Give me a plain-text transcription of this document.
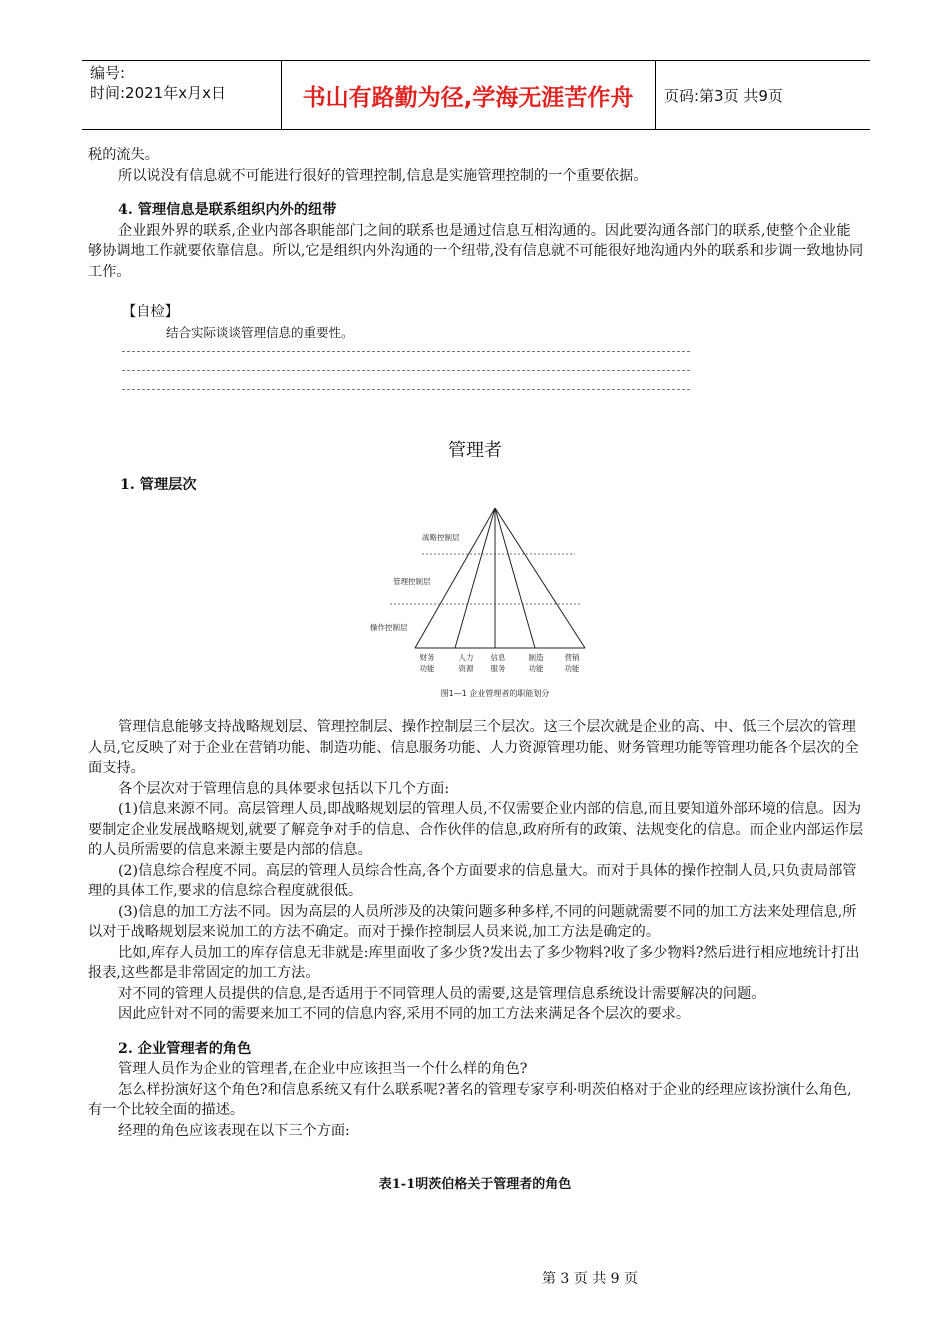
编号:
时间:2021年x月x日	书山有路勤为径,学海无涯苦作舟	页码:第3页 共9页

税的流失。

所以说没有信息就不可能进行很好的管理控制,信息是实施管理控制的一个重要依据。

4. 管理信息是联系组织内外的纽带

企业跟外界的联系,企业内部各职能部门之间的联系也是通过信息互相沟通的。因此要沟通各部门的联系,使整个企业能够协调地工作就要依靠信息。所以,它是组织内外沟通的一个纽带,没有信息就不可能很好地沟通内外的联系和步调一致地协同工作。

【自检】

结合实际谈谈管理信息的重要性。

管理者
1. 管理层次
战略控制层
管理控制层
操作控制层
财务
功能
人力
资源
信息
服务
制造
功能
营销
功能
图1—1 企业管理者的职能划分

管理信息能够支持战略规划层、管理控制层、操作控制层三个层次。这三个层次就是企业的高、中、低三个层次的管理人员,它反映了对于企业在营销功能、制造功能、信息服务功能、人力资源管理功能、财务管理功能等管理功能各个层次的全面支持。

各个层次对于管理信息的具体要求包括以下几个方面:

(1)信息来源不同。高层管理人员,即战略规划层的管理人员,不仅需要企业内部的信息,而且要知道外部环境的信息。因为要制定企业发展战略规划,就要了解竞争对手的信息、合作伙伴的信息,政府所有的政策、法规变化的信息。而企业内部运作层的人员所需要的信息来源主要是内部的信息。

(2)信息综合程度不同。高层的管理人员综合性高,各个方面要求的信息量大。而对于具体的操作控制人员,只负责局部管理的具体工作,要求的信息综合程度就很低。

(3)信息的加工方法不同。因为高层的人员所涉及的决策问题多种多样,不同的问题就需要不同的加工方法来处理信息,所以对于战略规划层来说加工的方法不确定。而对于操作控制层人员来说,加工方法是确定的。

比如,库存人员加工的库存信息无非就是:库里面收了多少货?发出去了多少物料?收了多少物料?然后进行相应地统计打出报表,这些都是非常固定的加工方法。

对不同的管理人员提供的信息,是否适用于不同管理人员的需要,这是管理信息系统设计需要解决的问题。

因此应针对不同的需要来加工不同的信息内容,采用不同的加工方法来满足各个层次的要求。

2. 企业管理者的角色

管理人员作为企业的管理者,在企业中应该担当一个什么样的角色?

怎么样扮演好这个角色?和信息系统又有什么联系呢?著名的管理专家亨利·明茨伯格对于企业的经理应该扮演什么角色,有一个比较全面的描述。

经理的角色应该表现在以下三个方面:

表1-1明茨伯格关于管理者的角色
第 3 页 共 9 页
